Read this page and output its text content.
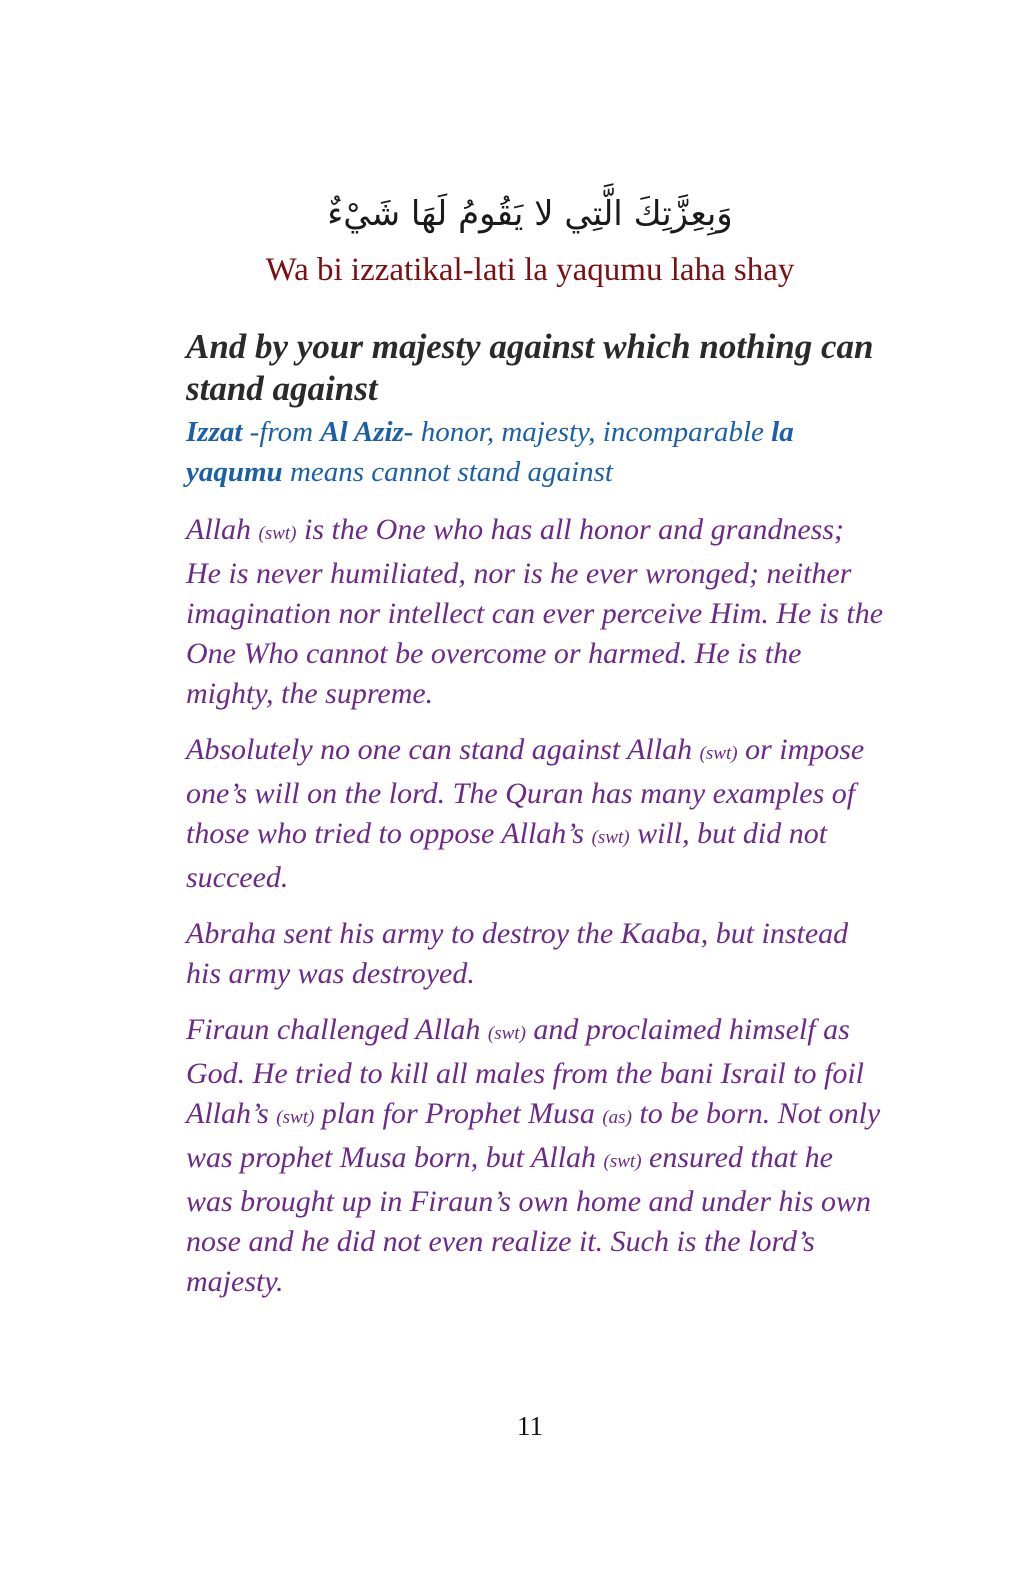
وَبِعِزَّتِكَ الَّتِي لا يَقُومُ لَهَا شَيْءٌ
Wa bi izzatikal-lati la yaqumu laha shay

And by your majesty against which nothing can stand against

Izzat -from Al Aziz- honor, majesty, incomparable la yaqumu means cannot stand against

Allah (swt) is the One who has all honor and grandness; He is never humiliated, nor is he ever wronged; neither imagination nor intellect can ever perceive Him. He is the One Who cannot be overcome or harmed. He is the mighty, the supreme.

Absolutely no one can stand against Allah (swt) or impose one’s will on the lord. The Quran has many examples of those who tried to oppose Allah’s (swt) will, but did not succeed.

Abraha sent his army to destroy the Kaaba, but instead his army was destroyed.

Firaun challenged Allah (swt) and proclaimed himself as God. He tried to kill all males from the bani Israil to foil Allah’s (swt) plan for Prophet Musa (as) to be born. Not only was prophet Musa born, but Allah (swt) ensured that he was brought up in Firaun’s own home and under his own nose and he did not even realize it. Such is the lord’s majesty.

11
